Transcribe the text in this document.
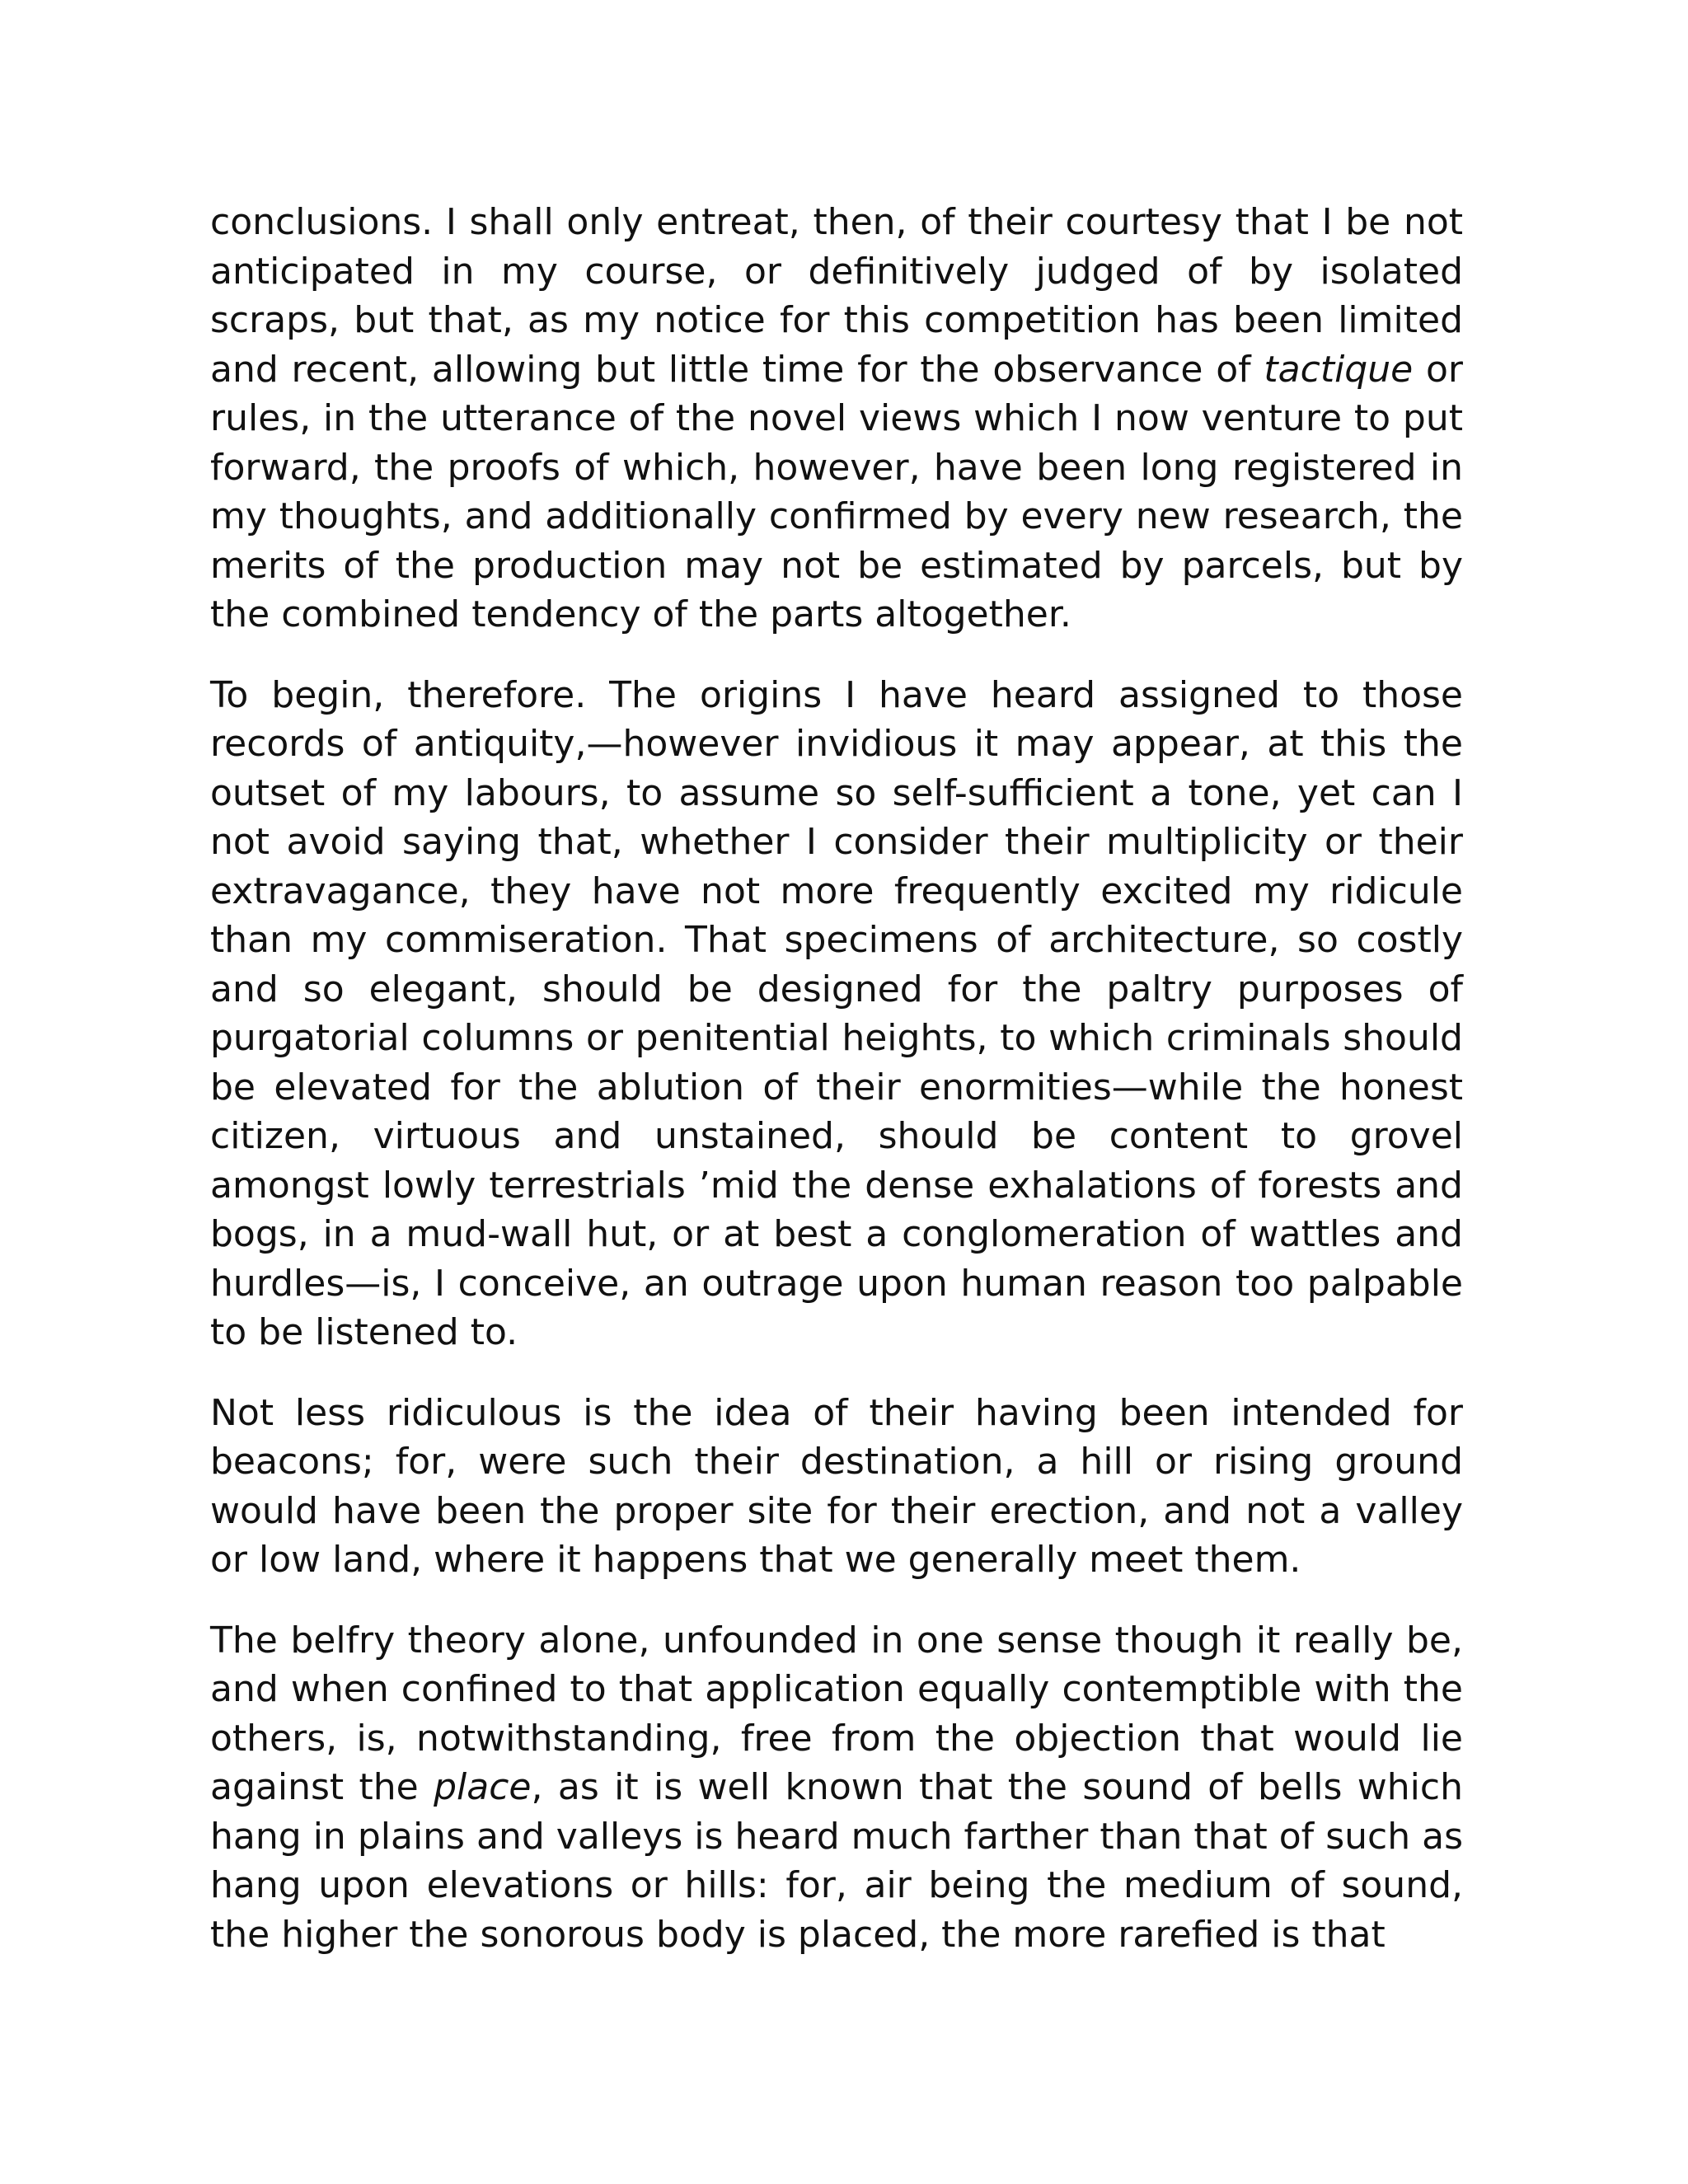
conclusions. I shall only entreat, then, of their courtesy that I be not anticipated in my course, or definitively judged of by isolated scraps, but that, as my notice for this competition has been limited and recent, allowing but little time for the observance of tactique or rules, in the utterance of the novel views which I now venture to put forward, the proofs of which, however, have been long registered in my thoughts, and additionally confirmed by every new research, the merits of the production may not be estimated by parcels, but by the combined tendency of the parts altogether.

To begin, therefore. The origins I have heard assigned to those records of antiquity,—however invidious it may appear, at this the outset of my labours, to assume so self-sufficient a tone, yet can I not avoid saying that, whether I consider their multiplicity or their extravagance, they have not more frequently excited my ridicule than my commiseration. That specimens of architecture, so costly and so elegant, should be designed for the paltry purposes of purgatorial columns or penitential heights, to which criminals should be elevated for the ablution of their enormities—while the honest citizen, virtuous and unstained, should be content to grovel amongst lowly terrestrials ’mid the dense exhalations of forests and bogs, in a mud-wall hut, or at best a conglomeration of wattles and hurdles—is, I conceive, an outrage upon human reason too palpable to be listened to.

Not less ridiculous is the idea of their having been intended for beacons; for, were such their destination, a hill or rising ground would have been the proper site for their erection, and not a valley or low land, where it happens that we generally meet them.

The belfry theory alone, unfounded in one sense though it really be, and when confined to that application equally contemptible with the others, is, notwithstanding, free from the objection that would lie against the place, as it is well known that the sound of bells which hang in plains and valleys is heard much farther than that of such as hang upon elevations or hills: for, air being the medium of sound, the higher the sonorous body is placed, the more rarefied is that
